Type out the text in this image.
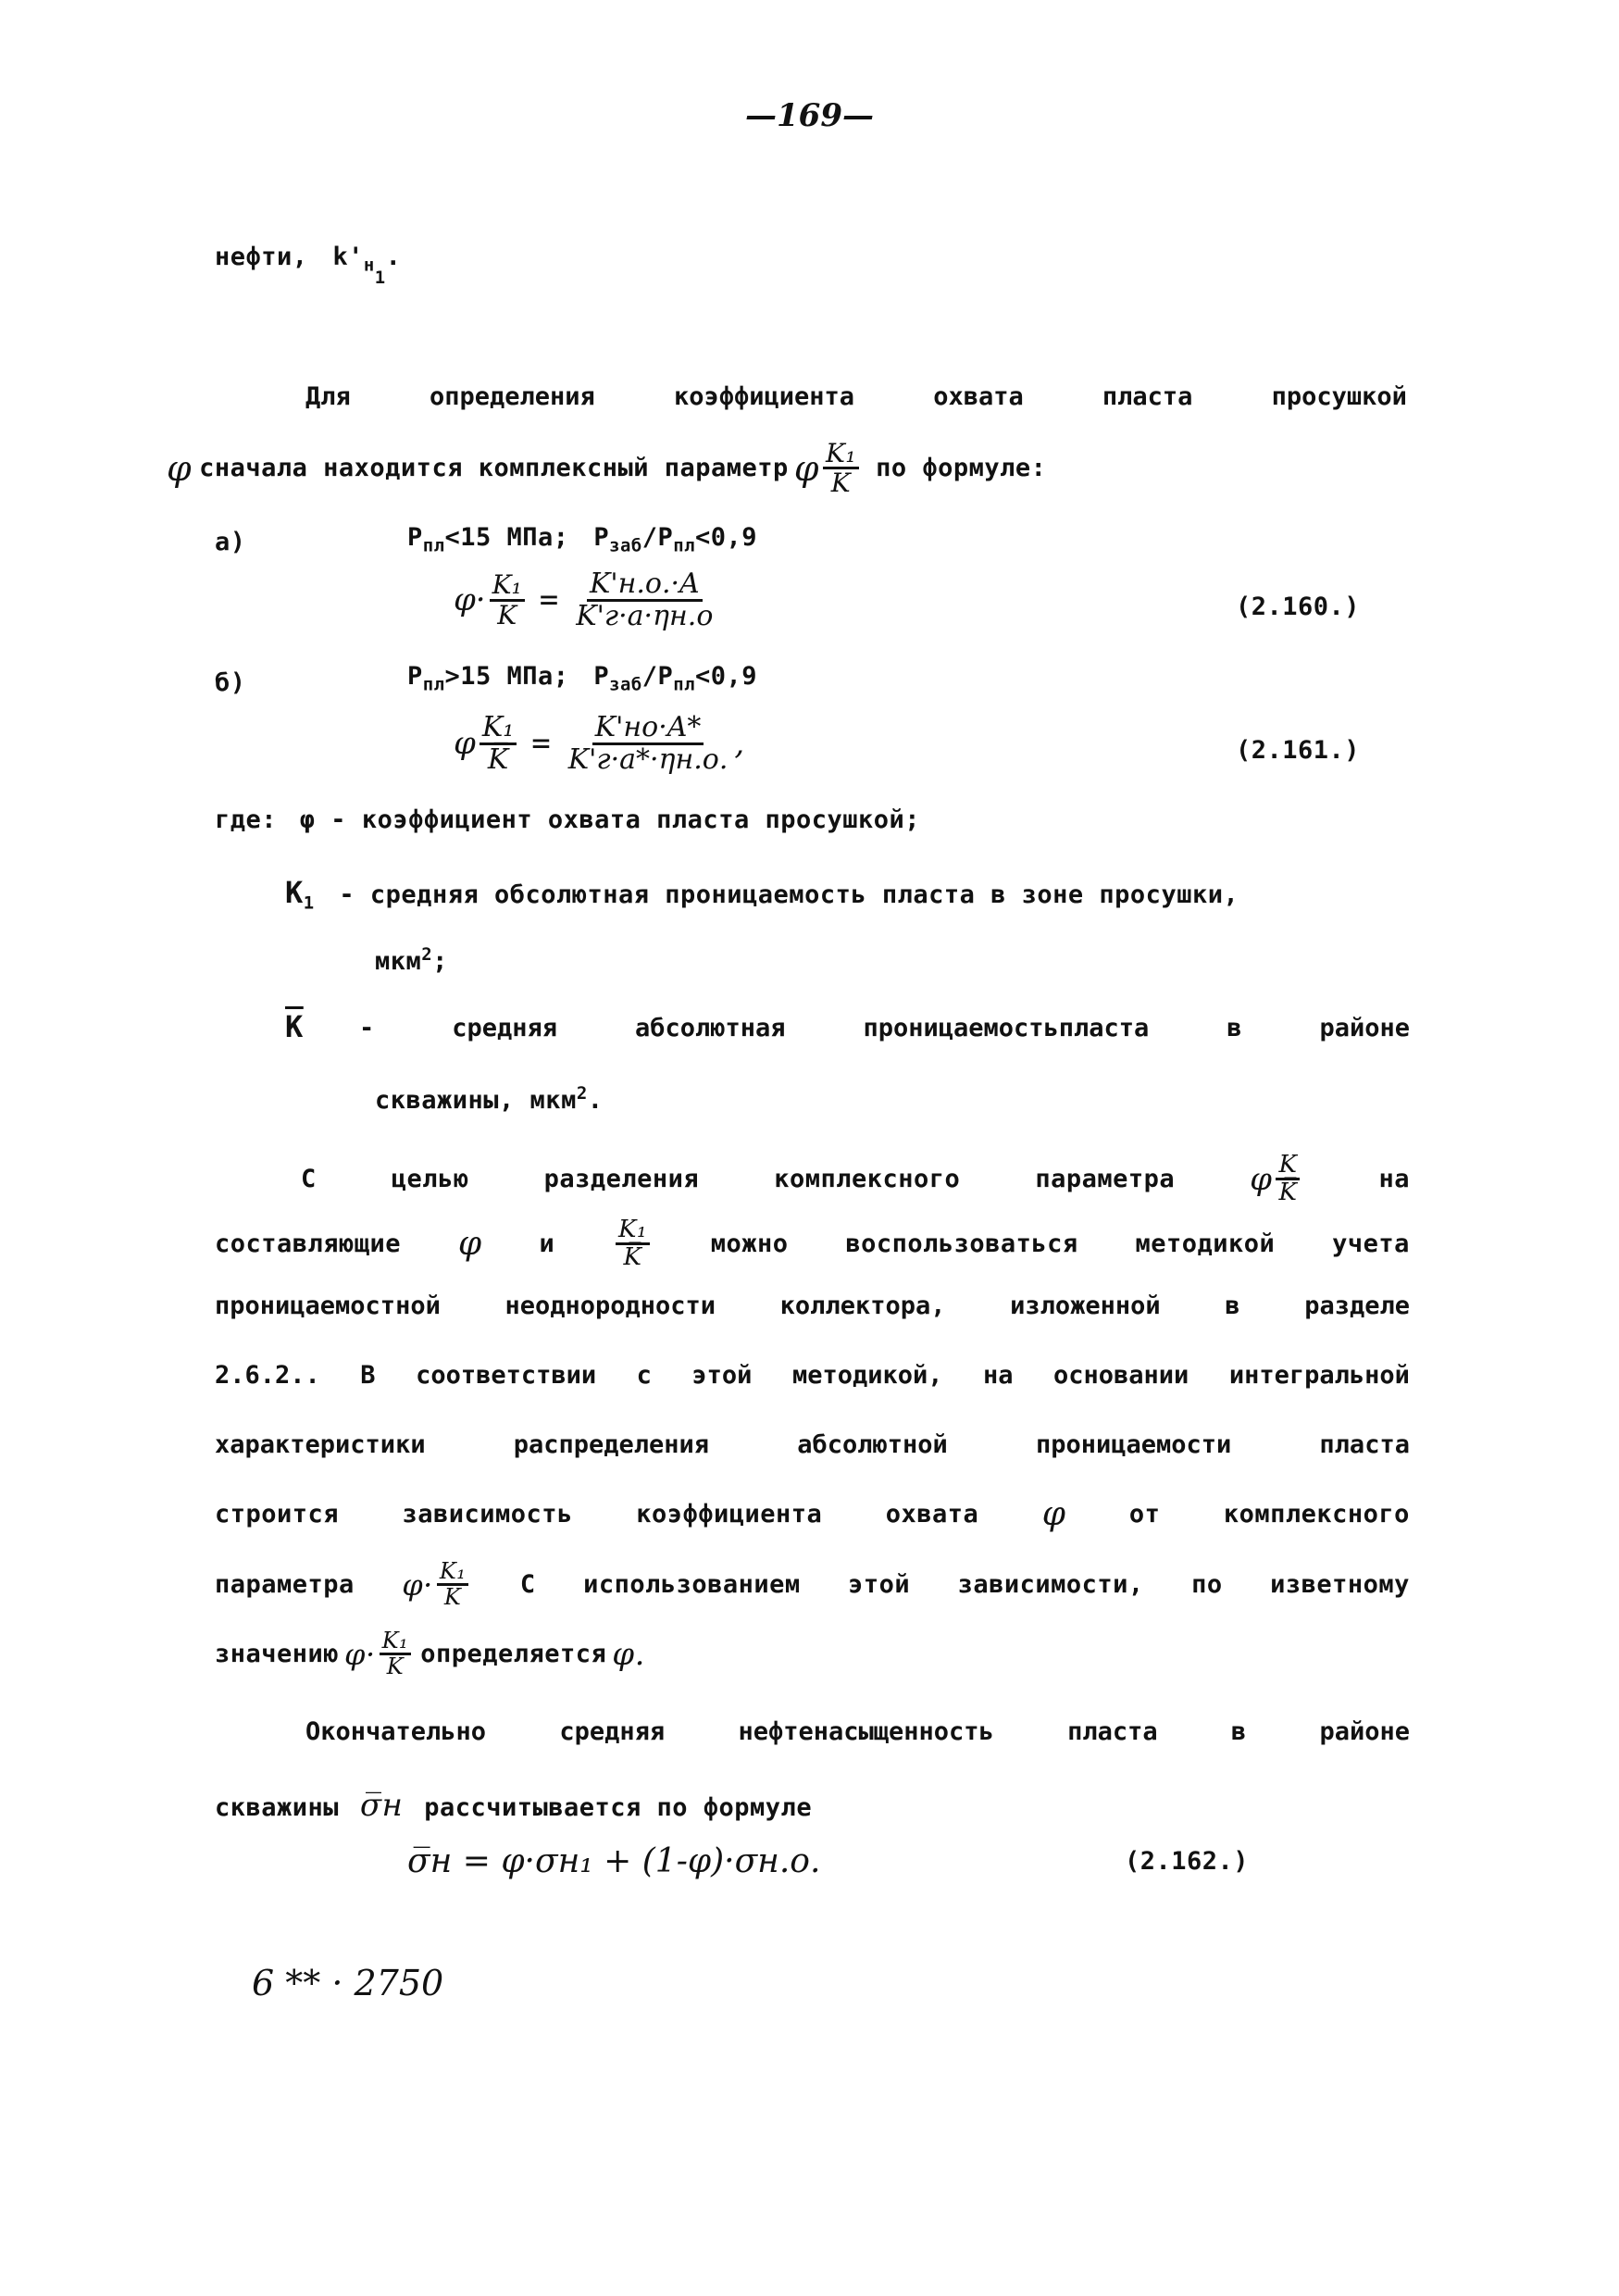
—169—
нефти, $k'_{н1}$.
Для	определения	коэффициента	охвата	пласта	просушкой
φ сначала находится комплексный параметр φ $\frac{\text{K₁}}{K̅}$ по формуле:
а)	$P_{пл}<15$ МПа; $P_{заб}/P_{пл}<0,9$
$\varphi\cdot \frac{\text{K₁}}{K̅} = \frac{K'н.о.\cdot A}{K'г\cdot a\cdot\eta н.о}$	(2.160.)
б)	$P_{пл}>15$ МПа; $P_{заб}/P_{пл}<0,9$
φ $\frac{\text{K₁}}{K̅} = \frac{K'но\cdot A*}{K'г\cdot a*\cdot\eta н.о.}$ ,	(2.161.)
где: φ - коэффициент охвата пласта просушкой;
$K_1$ - средняя обсолютная проницаемость пласта в зоне просушки,
мкм$^2$;
$\overline{K}$ -	средняя	абсолютная	проницаемостьпласта	в	районе
скважины, мкм$^2$.
С	целью	разделения	комплексного	параметра φ $\frac{K}{K̅}$	на
составляющие φ и	$\frac{\text{K₁}}{K̅}$ можно воспользоваться методикой учета
проницаемостной	неоднородности	коллектора,	изложенной	в	разделе
2.6.2.. В соответствии с этой методикой, на основании интегральной
характеристики	распределения	абсолютной	проницаемости	пласта
строится	зависимость	коэффициента	охвата φ	от	комплексного
параметра $\varphi\cdot \frac{\text{K₁}}{K̅}$ С использованием этой зависимости, по изветному
значению $\varphi\cdot \frac{\text{K₁}}{K̅}$ определяется φ.
Окончательно	средняя	нефтенасыщенность	пласта	в	районе
скважины σ̅н рассчитывается по формуле
σ̅н = φ·σн₁ + (1-φ)·σн.о.	(2.162.)
6 ** · 2750
